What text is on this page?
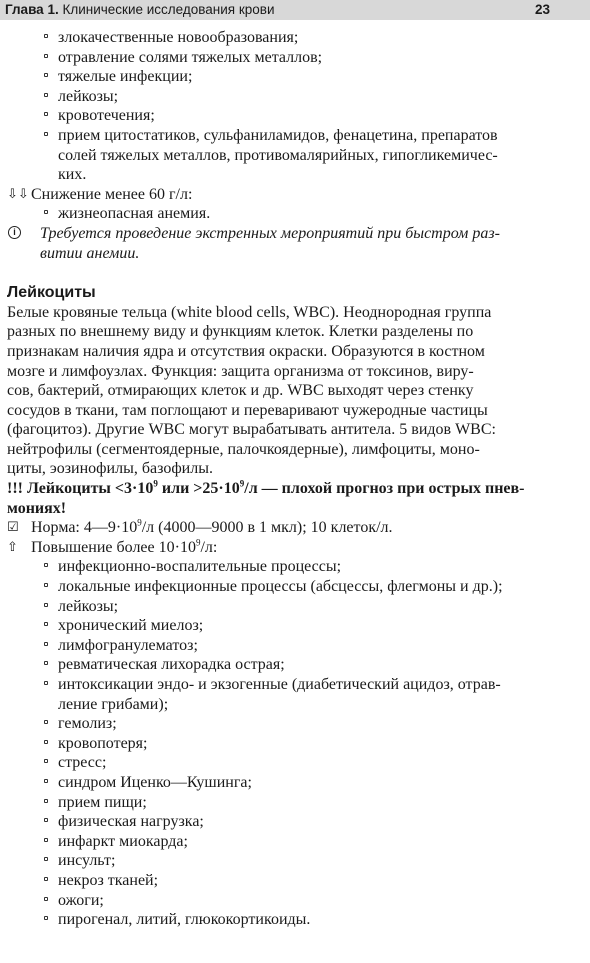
Глава 1. Клинические исследования крови	23
злокачественные новообразования;
отравление солями тяжелых металлов;
тяжелые инфекции;
лейкозы;
кровотечения;
прием цитостатиков, сульфаниламидов, фенацетина, препаратов
солей тяжелых металлов, противомалярийных, гипогликемичес-
ких.
⇩⇩ Снижение менее 60 г/л:
жизнеопасная анемия.
i	Требуется проведение экстренных мероприятий при быстром раз-
витии анемии.
Лейкоциты
Белые кровяные тельца (white blood cells, WBC). Неоднородная группа
разных по внешнему виду и функциям клеток. Клетки разделены по
признакам наличия ядра и отсутствия окраски. Образуются в костном
мозге и лимфоузлах. Функция: защита организма от токсинов, виру-
сов, бактерий, отмирающих клеток и др. WBC выходят через стенку
сосудов в ткани, там поглощают и переваривают чужеродные частицы
(фагоцитоз). Другие WBC могут вырабатывать антитела. 5 видов WBC:
нейтрофилы (сегментоядерные, палочкоядерные), лимфоциты, моно-
циты, эозинофилы, базофилы.
!!! Лейкоциты $<3\cdot 10^9$ или $>25\cdot 10^9/л$ — плохой прогноз при острых пнев-
мониях!
☑ Норма: $4—9\cdot 10^9/л$ (4000—9000 в 1 мкл); 10 клеток/л.
⇧ Повышение более $10\cdot 10^9/л$:
инфекционно-воспалительные процессы;
локальные инфекционные процессы (абсцессы, флегмоны и др.);
лейкозы;
хронический миелоз;
лимфогранулематоз;
ревматическая лихорадка острая;
интоксикации эндо- и экзогенные (диабетический ацидоз, отрав-
ление грибами);
гемолиз;
кровопотеря;
стресс;
синдром Иценко—Кушинга;
прием пищи;
физическая нагрузка;
инфаркт миокарда;
инсульт;
некроз тканей;
ожоги;
пирогенал, литий, глюкокортикоиды.
